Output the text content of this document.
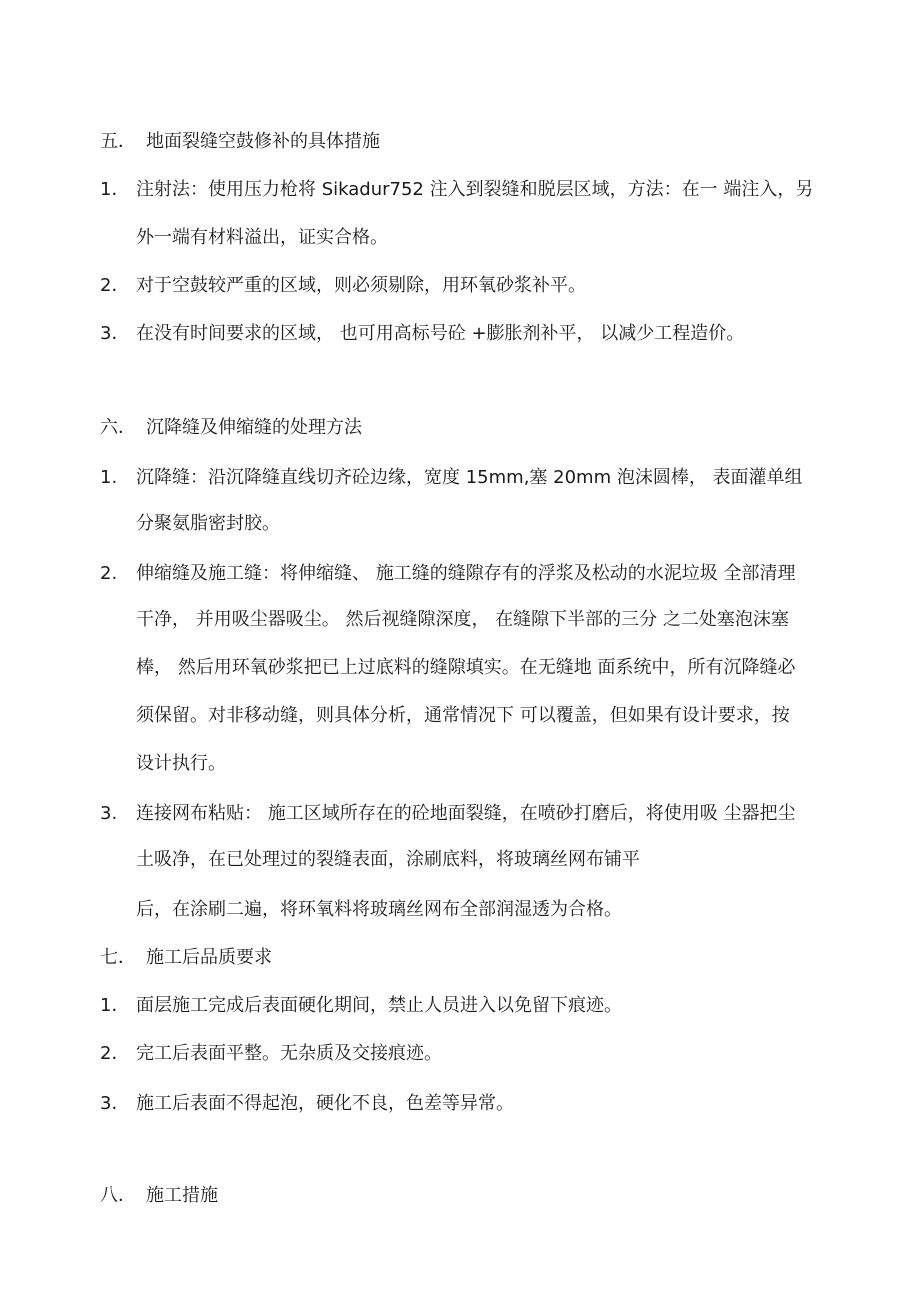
五． 地面裂缝空鼓修补的具体措施
1． 注射法：使用压力枪将 Sikadur752 注入到裂缝和脱层区域，方法：在一 端注入，另
外一端有材料溢出，证实合格。
2． 对于空鼓较严重的区域，则必须剔除，用环氧砂浆补平。
3． 在没有时间要求的区域， 也可用高标号砼 +膨胀剂补平， 以减少工程造价。
六． 沉降缝及伸缩缝的处理方法
1. 沉降缝：沿沉降缝直线切齐砼边缘，宽度 15mm,塞 20mm 泡沫圆棒， 表面灌单组
分聚氨脂密封胶。
2. 伸缩缝及施工缝：将伸缩缝、 施工缝的缝隙存有的浮浆及松动的水泥垃圾 全部清理
干净， 并用吸尘器吸尘。 然后视缝隙深度， 在缝隙下半部的三分 之二处塞泡沫塞
棒， 然后用环氧砂浆把已上过底料的缝隙填实。在无缝地 面系统中，所有沉降缝必
须保留。对非移动缝，则具体分析，通常情况下 可以覆盖，但如果有设计要求，按
设计执行。
3. 连接网布粘贴： 施工区域所存在的砼地面裂缝，在喷砂打磨后，将使用吸 尘器把尘
土吸净，在已处理过的裂缝表面，涂刷底料，将玻璃丝网布铺平
后，在涂刷二遍，将环氧料将玻璃丝网布全部润湿透为合格。
七． 施工后品质要求
1． 面层施工完成后表面硬化期间，禁止人员进入以免留下痕迹。
2． 完工后表面平整。无杂质及交接痕迹。
3． 施工后表面不得起泡，硬化不良，色差等异常。
八． 施工措施
